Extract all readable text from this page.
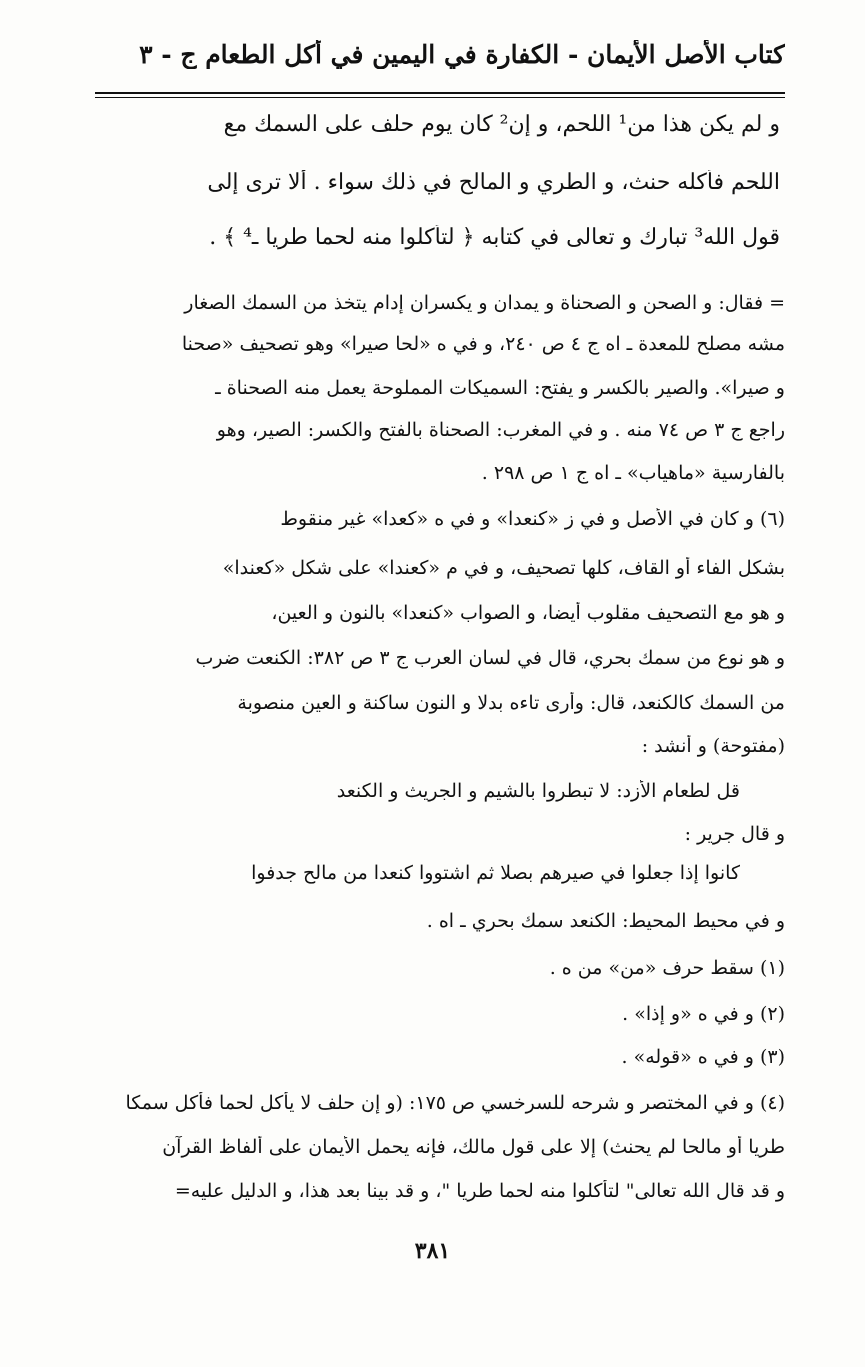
كتاب الأصل الأيمان - الكفارة في اليمين في أكل الطعام ج - ٣
و لم يكن هذا من¹ اللحم، و إن² كان يوم حلف على السمك مع
اللحم فأكله حنث، و الطري و المالح في ذلك سواء . ألا ترى إلى
قول الله³ تبارك و تعالى في كتابه ﴿ لتأكلوا منه لحما طريا ـ⁴ ﴾ .
= فقال: و الصحن و الصحناة و يمدان و يكسران إدام يتخذ من السمك الصغار
مشه مصلح للمعدة ـ اه ج ٤ ص ٢٤٠، و في ه «لحا صيرا» وهو تصحيف «صحنا
و صيرا». والصير بالكسر و يفتح: السميكات المملوحة يعمل منه الصحناة ـ
راجع ج ٣ ص ٧٤ منه . و في المغرب: الصحناة بالفتح والكسر: الصير، وهو
بالفارسية «ماهياب» ـ اه ج ١ ص ٢٩٨ .
(٦) و كان في الأصل و في ز «كنعدا» و في ه «كعدا» غير منقوط
بشكل الفاء أو القاف، كلها تصحيف، و في م «كعندا» على شكل «كعندا»
و هو مع التصحيف مقلوب أيضا، و الصواب «كنعدا» بالنون و العين،
و هو نوع من سمك بحري، قال في لسان العرب ج ٣ ص ٣٨٢: الكنعت ضرب
من السمك كالكنعد، قال: وأرى تاءه بدلا و النون ساكنة و العين منصوبة
(مفتوحة) و أنشد :
قل لطعام الأزد: لا تبطروا بالشيم و الجريث و الكنعد
و قال جرير :
كانوا إذا جعلوا في صيرهم بصلا ثم اشتووا كنعدا من مالح جدفوا
و في محيط المحيط: الكنعد سمك بحري ـ اه .
(١) سقط حرف «من» من ه .
(٢) و في ه «و إذا» .
(٣) و في ه «قوله» .
(٤) و في المختصر و شرحه للسرخسي ص ١٧٥: (و إن حلف لا يأكل لحما فأكل سمكا
طريا أو مالحا لم يحنث) إلا على قول مالك، فإنه يحمل الأيمان على ألفاظ القرآن
و قد قال الله تعالى" لتأكلوا منه لحما طريا "، و قد بينا بعد هذا، و الدليل عليه=
٣٨١
